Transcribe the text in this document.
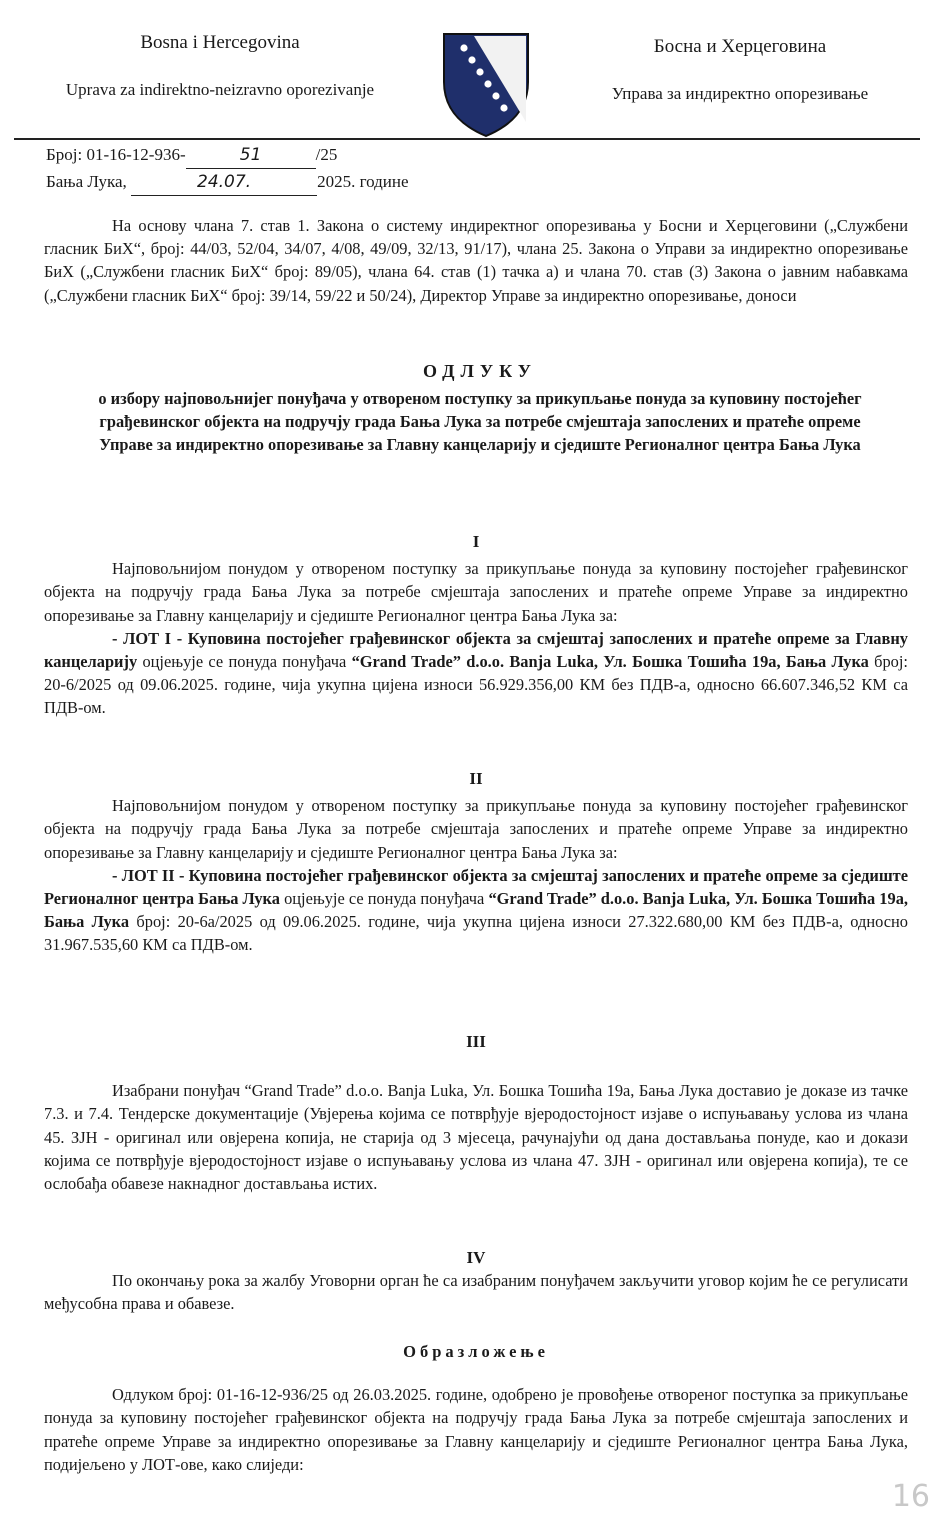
Bosna i Hercegovina
Uprava za indirektno-neizravno oporezivanje
Босна и Херцеговина
Управа за индиректно опорезивање
Број: 01-16-12-936-	51	/25
Бања Лука,	24.07.	2025. године

На основу члана 7. став 1. Закона о систему индиректног опорезивања у Босни и Херцеговини („Службени гласник БиХ“, број: 44/03, 52/04, 34/07, 4/08, 49/09, 32/13, 91/17), члана 25. Закона о Управи за индиректно опорезивање БиХ („Службени гласник БиХ“ број: 89/05), члана 64. став (1) тачка а) и члана 70. став (3) Закона о јавним набавкама („Службени гласник БиХ“ број: 39/14, 59/22 и 50/24), Директор Управе за индиректно опорезивање, доноси

ОДЛУКУ

о избору најповољнијег понуђача у отвореном поступку за прикупљање понуда за куповину постојећег грађевинског објекта на подручју града Бања Лука за потребе смјештаја запослених и пратеће опреме Управе за индиректно опорезивање за Главну канцеларију и сједиште Регионалног центра Бања Лука

I

Најповољнијом понудом у отвореном поступку за прикупљање понуда за куповину постојећег грађевинског објекта на подручју града Бања Лука за потребе смјештаја запослених и пратеће опреме Управе за индиректно опорезивање за Главну канцеларију и сједиште Регионалног центра Бања Лука за:

- ЛОТ I - Куповина постојећег грађевинског објекта за смјештај запослених и пратеће опреме за Главну канцеларију оцјењује се понуда понуђача “Grand Trade” d.o.o. Banja Luka, Ул. Бошка Тошића 19а, Бања Лука број: 20-6/2025 од 09.06.2025. године, чија укупна цијена износи 56.929.356,00 КМ без ПДВ-а, односно 66.607.346,52 КМ са ПДВ-ом.

II

Најповољнијом понудом у отвореном поступку за прикупљање понуда за куповину постојећег грађевинског објекта на подручју града Бања Лука за потребе смјештаја запослених и пратеће опреме Управе за индиректно опорезивање за Главну канцеларију и сједиште Регионалног центра Бања Лука за:

- ЛОТ II - Куповина постојећег грађевинског објекта за смјештај запослених и пратеће опреме за сједиште Регионалног центра Бања Лука оцјењује се понуда понуђача “Grand Trade” d.o.o. Banja Luka, Ул. Бошка Тошића 19а, Бања Лука број: 20-6а/2025 од 09.06.2025. године, чија укупна цијена износи 27.322.680,00 КМ без ПДВ-а, односно 31.967.535,60 КМ са ПДВ-ом.

III

Изабрани понуђач “Grand Trade” d.o.o. Banja Luka, Ул. Бошка Тошића 19а, Бања Лука доставио је доказе из тачке 7.3. и 7.4. Тендерске документације (Увјерења којима се потврђује вјеродостојност изјаве о испуњавању услова из члана 45. ЗЈН - оригинал или овјерена копија, не старија од 3 мјесеца, рачунајући од дана достављања понуде, као и докази којима се потврђује вјеродостојност изјаве о испуњавању услова из члана 47. ЗЈН - оригинал или овјерена копија), те се ослобађа обавезе накнадног достављања истих.

IV

По окончању рока за жалбу Уговорни орган ће са изабраним понуђачем закључити уговор којим ће се регулисати међусобна права и обавезе.

Образложење

Одлуком број: 01-16-12-936/25 од 26.03.2025. године, одобрено је провођење отвореног поступка за прикупљање понуда за куповину постојећег грађевинског објекта на подручју града Бања Лука за потребе смјештаја запослених и пратеће опреме Управе за индиректно опорезивање за Главну канцеларију и сједиште Регионалног центра Бања Лука, подијељено у ЛОТ-ове, како слиједи:

16
